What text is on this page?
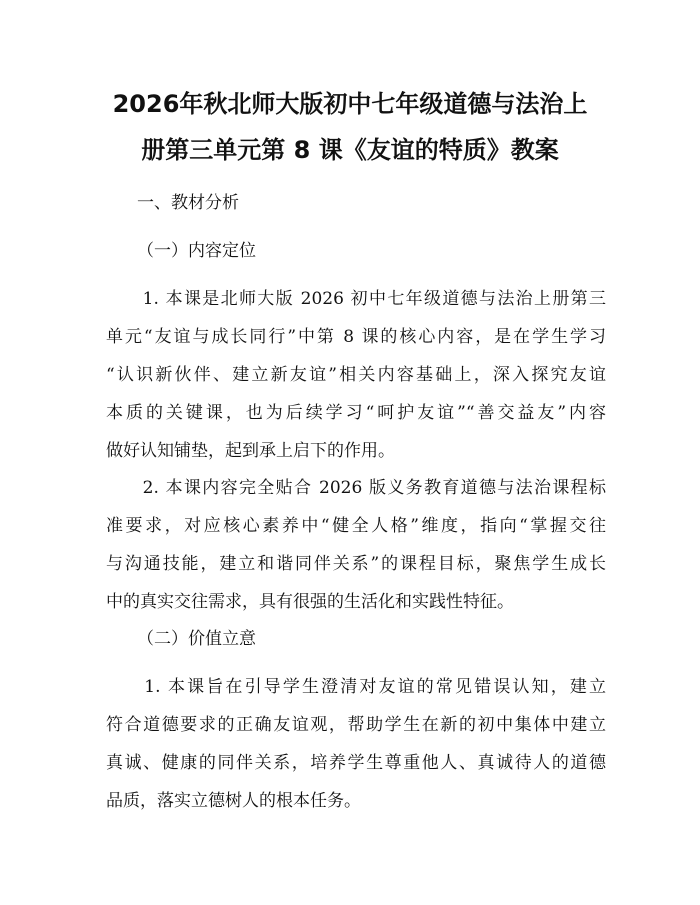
2026年秋北师大版初中七年级道德与法治上
册第三单元第 8 课《友谊的特质》教案
一、教材分析
（一）内容定位
　　1. 本课是北师大版 2026 初中七年级道德与法治上册第三
单元“友谊与成长同行”中第 8 课的核心内容，是在学生学习
“认识新伙伴、建立新友谊”相关内容基础上，深入探究友谊
本质的关键课，也为后续学习“呵护友谊”“善交益友”内容
做好认知铺垫，起到承上启下的作用。
　　2. 本课内容完全贴合 2026 版义务教育道德与法治课程标
准要求，对应核心素养中“健全人格”维度，指向“掌握交往
与沟通技能，建立和谐同伴关系”的课程目标，聚焦学生成长
中的真实交往需求，具有很强的生活化和实践性特征。
（二）价值立意
　　1. 本课旨在引导学生澄清对友谊的常见错误认知，建立
符合道德要求的正确友谊观，帮助学生在新的初中集体中建立
真诚、健康的同伴关系，培养学生尊重他人、真诚待人的道德
品质，落实立德树人的根本任务。
